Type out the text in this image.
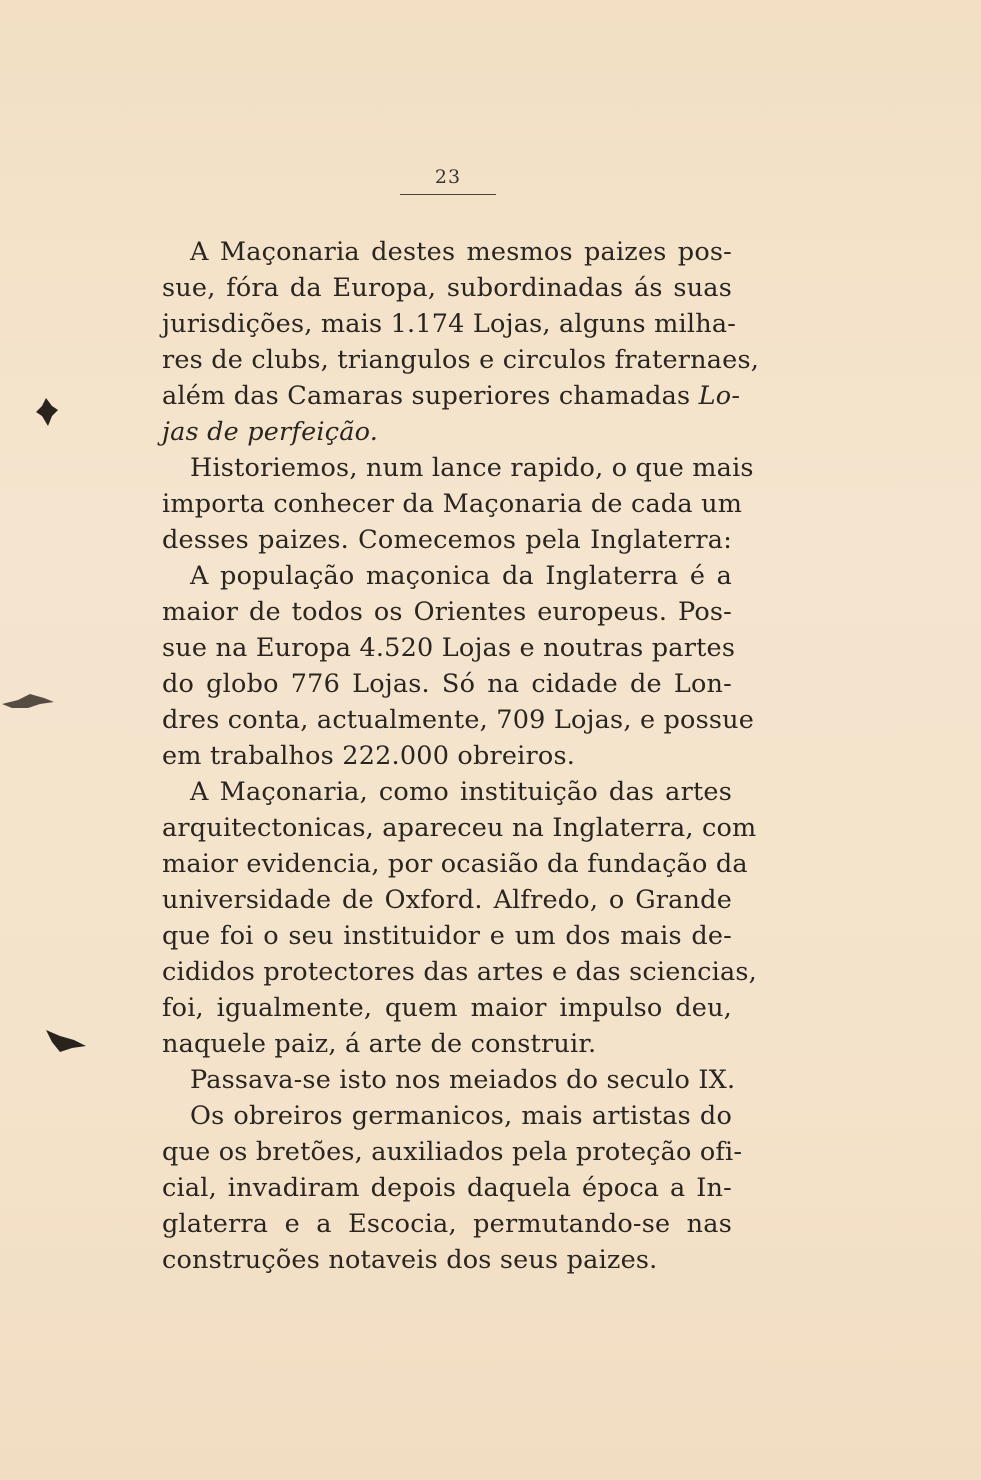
23
A Maçonaria destes mesmos paizes pos-
sue, fóra da Europa, subordinadas ás suas
jurisdições, mais 1.174 Lojas, alguns milha-
res de clubs, triangulos e circulos fraternaes,
além das Camaras superiores chamadas Lo-
jas de perfeição.
Historiemos, num lance rapido, o que mais
importa conhecer da Maçonaria de cada um
desses paizes. Comecemos pela Inglaterra:
A população maçonica da Inglaterra é a
maior de todos os Orientes europeus. Pos-
sue na Europa 4.520 Lojas e noutras partes
do globo 776 Lojas. Só na cidade de Lon-
dres conta, actualmente, 709 Lojas, e possue
em trabalhos 222.000 obreiros.
A Maçonaria, como instituição das artes
arquitectonicas, apareceu na Inglaterra, com
maior evidencia, por ocasião da fundação da
universidade de Oxford. Alfredo, o Grande
que foi o seu instituidor e um dos mais de-
cididos protectores das artes e das sciencias,
foi, igualmente, quem maior impulso deu,
naquele paiz, á arte de construir.
Passava-se isto nos meiados do seculo IX.
Os obreiros germanicos, mais artistas do
que os bretões, auxiliados pela proteção ofi-
cial, invadiram depois daquela época a In-
glaterra e a Escocia, permutando-se nas
construções notaveis dos seus paizes.
